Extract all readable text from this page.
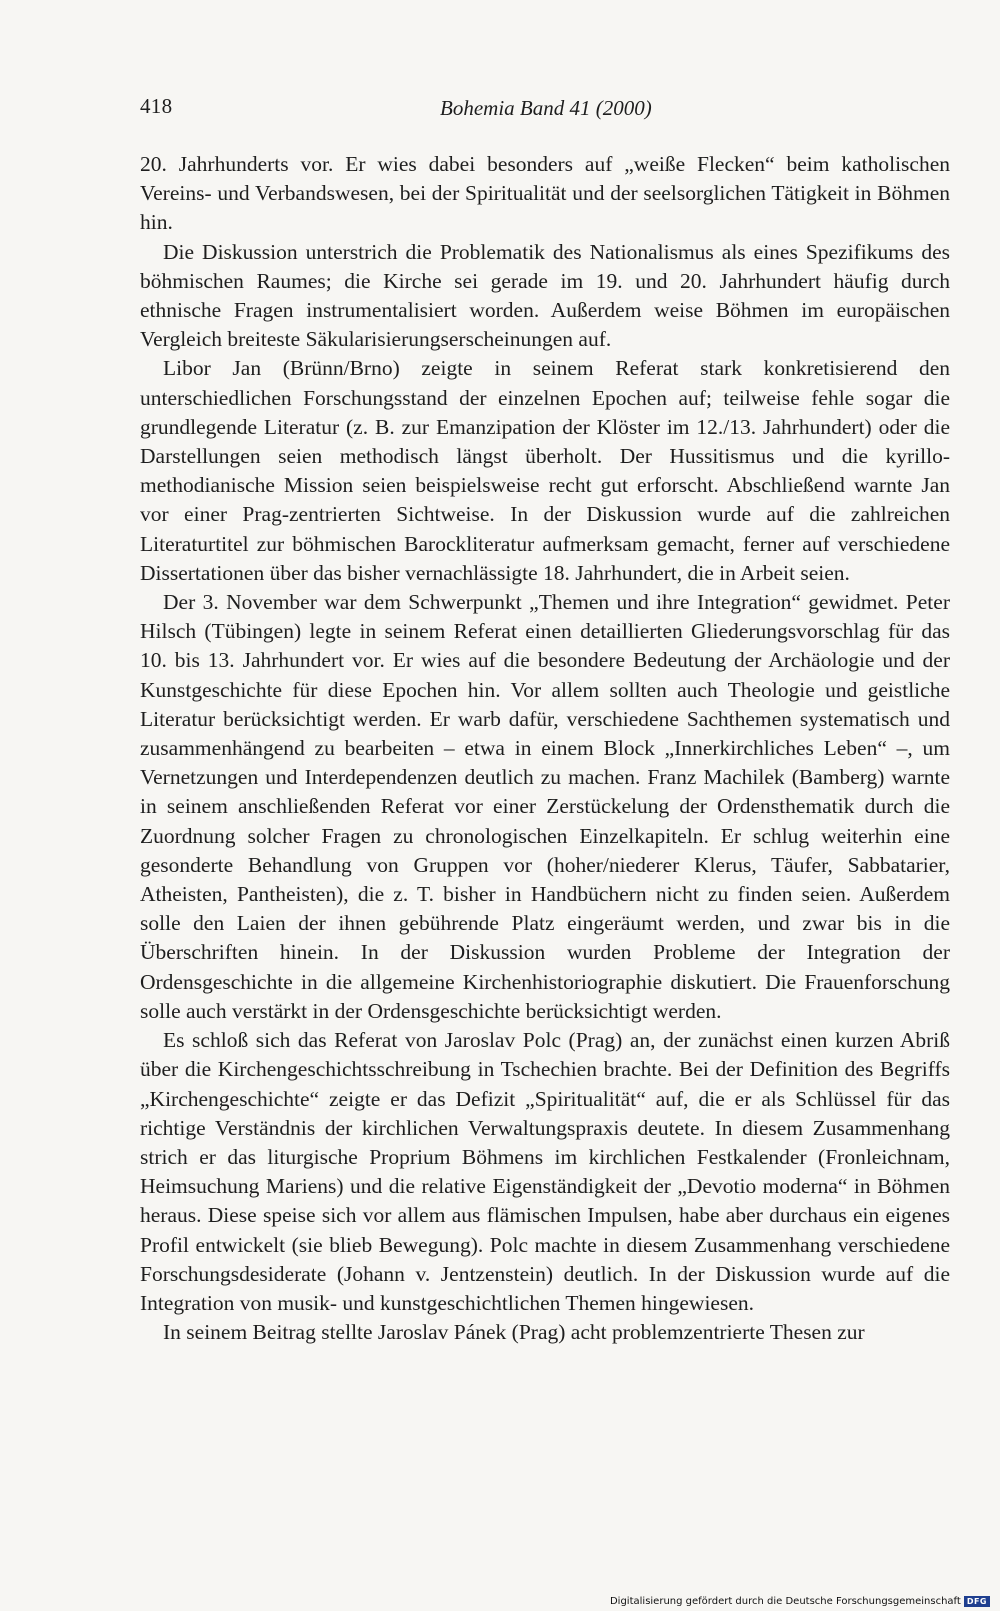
418	Bohemia Band 41 (2000)

20. Jahrhunderts vor. Er wies dabei besonders auf „weiße Flecken“ beim katholischen Vereins- und Verbandswesen, bei der Spiritualität und der seelsorglichen Tätigkeit in Böhmen hin.

Die Diskussion unterstrich die Problematik des Nationalismus als eines Spezifikums des böhmischen Raumes; die Kirche sei gerade im 19. und 20. Jahrhundert häufig durch ethnische Fragen instrumentalisiert worden. Außerdem weise Böhmen im europäischen Vergleich breiteste Säkularisierungserscheinungen auf.

Libor Jan (Brünn/Brno) zeigte in seinem Referat stark konkretisierend den unterschiedlichen Forschungsstand der einzelnen Epochen auf; teilweise fehle sogar die grundlegende Literatur (z. B. zur Emanzipation der Klöster im 12./13. Jahrhundert) oder die Darstellungen seien methodisch längst überholt. Der Hussitismus und die kyrillo-methodianische Mission seien beispielsweise recht gut erforscht. Abschließend warnte Jan vor einer Prag-zentrierten Sichtweise. In der Diskussion wurde auf die zahlreichen Literaturtitel zur böhmischen Barockliteratur aufmerksam gemacht, ferner auf verschiedene Dissertationen über das bisher vernachlässigte 18. Jahrhundert, die in Arbeit seien.

Der 3. November war dem Schwerpunkt „Themen und ihre Integration“ gewidmet. Peter Hilsch (Tübingen) legte in seinem Referat einen detaillierten Gliederungsvorschlag für das 10. bis 13. Jahrhundert vor. Er wies auf die besondere Bedeutung der Archäologie und der Kunstgeschichte für diese Epochen hin. Vor allem sollten auch Theologie und geistliche Literatur berücksichtigt werden. Er warb dafür, verschiedene Sachthemen systematisch und zusammenhängend zu bearbeiten – etwa in einem Block „Innerkirchliches Leben“ –, um Vernetzungen und Interdependenzen deutlich zu machen. Franz Machilek (Bamberg) warnte in seinem anschließenden Referat vor einer Zerstückelung der Ordensthematik durch die Zuordnung solcher Fragen zu chronologischen Einzelkapiteln. Er schlug weiterhin eine gesonderte Behandlung von Gruppen vor (hoher/niederer Klerus, Täufer, Sabbatarier, Atheisten, Pantheisten), die z. T. bisher in Handbüchern nicht zu finden seien. Außerdem solle den Laien der ihnen gebührende Platz eingeräumt werden, und zwar bis in die Überschriften hinein. In der Diskussion wurden Probleme der Integration der Ordensgeschichte in die allgemeine Kirchenhistoriographie diskutiert. Die Frauenforschung solle auch verstärkt in der Ordensgeschichte berücksichtigt werden.

Es schloß sich das Referat von Jaroslav Polc (Prag) an, der zunächst einen kurzen Abriß über die Kirchengeschichtsschreibung in Tschechien brachte. Bei der Definition des Begriffs „Kirchengeschichte“ zeigte er das Defizit „Spiritualität“ auf, die er als Schlüssel für das richtige Verständnis der kirchlichen Verwaltungspraxis deutete. In diesem Zusammenhang strich er das liturgische Proprium Böhmens im kirchlichen Festkalender (Fronleichnam, Heimsuchung Mariens) und die relative Eigenständigkeit der „Devotio moderna“ in Böhmen heraus. Diese speise sich vor allem aus flämischen Impulsen, habe aber durchaus ein eigenes Profil entwickelt (sie blieb Bewegung). Polc machte in diesem Zusammenhang verschiedene Forschungsdesiderate (Johann v. Jentzenstein) deutlich. In der Diskussion wurde auf die Integration von musik- und kunstgeschichtlichen Themen hingewiesen.

In seinem Beitrag stellte Jaroslav Pánek (Prag) acht problemzentrierte Thesen zur

Digitalisierung gefördert durch die Deutsche Forschungsgemeinschaft DFG
